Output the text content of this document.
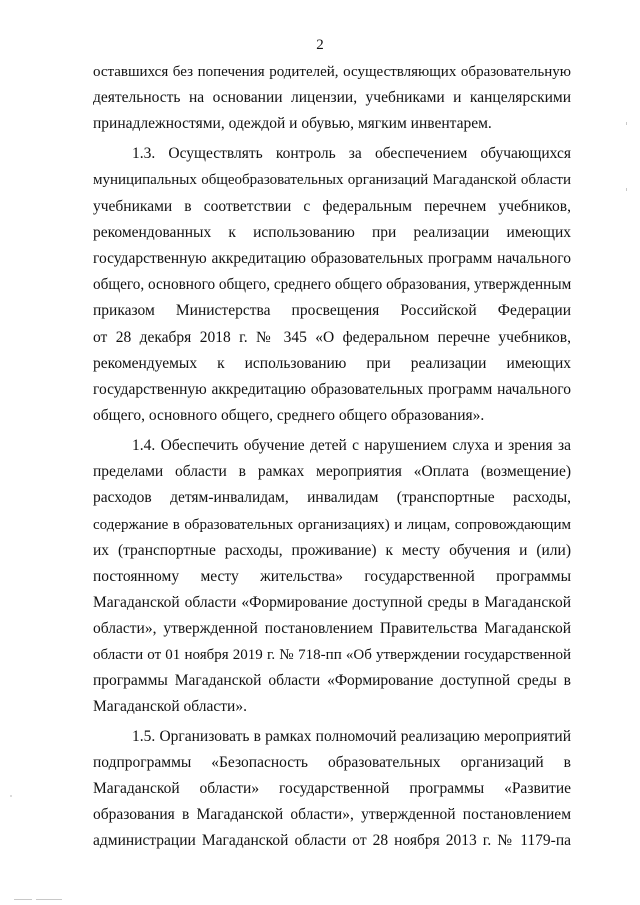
2
оставшихся без попечения родителей, осуществляющих образовательную
деятельность на основании лицензии, учебниками и канцелярскими
принадлежностями, одеждой и обувью, мягким инвентарем.
1.3. Осуществлять контроль за обеспечением обучающихся
муниципальных общеобразовательных организаций Магаданской области
учебниками в соответствии с федеральным перечнем учебников,
рекомендованных к использованию при реализации имеющих
государственную аккредитацию образовательных программ начального
общего, основного общего, среднего общего образования, утвержденным
приказом Министерства просвещения Российской Федерации
от 28 декабря 2018 г. № 345 «О федеральном перечне учебников,
рекомендуемых к использованию при реализации имеющих
государственную аккредитацию образовательных программ начального
общего, основного общего, среднего общего образования».
1.4. Обеспечить обучение детей с нарушением слуха и зрения за
пределами области в рамках мероприятия «Оплата (возмещение)
расходов детям-инвалидам, инвалидам (транспортные расходы,
содержание в образовательных организациях) и лицам, сопровождающим
их (транспортные расходы, проживание) к месту обучения и (или)
постоянному месту жительства» государственной программы
Магаданской области «Формирование доступной среды в Магаданской
области», утвержденной постановлением Правительства Магаданской
области от 01 ноября 2019 г. № 718-пп «Об утверждении государственной
программы Магаданской области «Формирование доступной среды в
Магаданской области».
1.5. Организовать в рамках полномочий реализацию мероприятий
подпрограммы «Безопасность образовательных организаций в
Магаданской области» государственной программы «Развитие
образования в Магаданской области», утвержденной постановлением
администрации Магаданской области от 28 ноября 2013 г. № 1179-па
